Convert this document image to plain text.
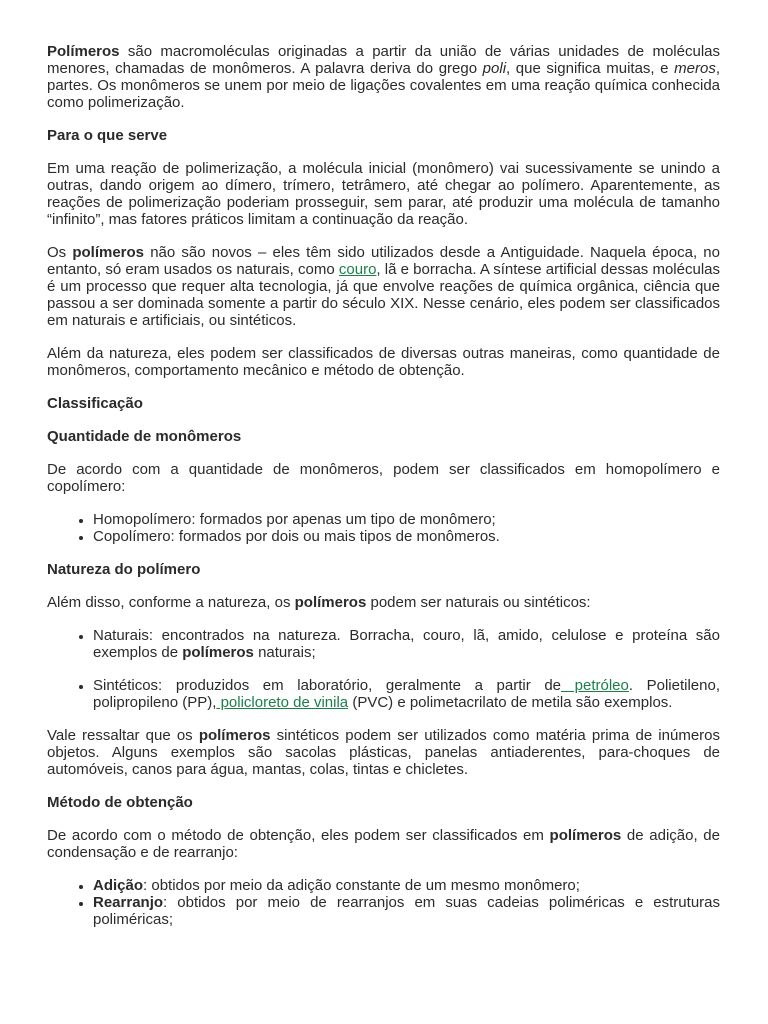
Polímeros são macromoléculas originadas a partir da união de várias unidades de moléculas menores, chamadas de monômeros. A palavra deriva do grego poli, que significa muitas, e meros, partes. Os monômeros se unem por meio de ligações covalentes em uma reação química conhecida como polimerização.

Para o que serve

Em uma reação de polimerização, a molécula inicial (monômero) vai sucessivamente se unindo a outras, dando origem ao dímero, trímero, tetrâmero, até chegar ao polímero. Aparentemente, as reações de polimerização poderiam prosseguir, sem parar, até produzir uma molécula de tamanho “infinito”, mas fatores práticos limitam a continuação da reação.

Os polímeros não são novos – eles têm sido utilizados desde a Antiguidade. Naquela época, no entanto, só eram usados os naturais, como couro, lã e borracha. A síntese artificial dessas moléculas é um processo que requer alta tecnologia, já que envolve reações de química orgânica, ciência que passou a ser dominada somente a partir do século XIX. Nesse cenário, eles podem ser classificados em naturais e artificiais, ou sintéticos.

Além da natureza, eles podem ser classificados de diversas outras maneiras, como quantidade de monômeros, comportamento mecânico e método de obtenção.

Classificação

Quantidade de monômeros

De acordo com a quantidade de monômeros, podem ser classificados em homopolímero e copolímero:

• Homopolímero: formados por apenas um tipo de monômero;
• Copolímero: formados por dois ou mais tipos de monômeros.

Natureza do polímero

Além disso, conforme a natureza, os polímeros podem ser naturais ou sintéticos:

• Naturais: encontrados na natureza. Borracha, couro, lã, amido, celulose e proteína são exemplos de polímeros naturais;
• Sintéticos: produzidos em laboratório, geralmente a partir de petróleo. Polietileno, polipropileno (PP), policloreto de vinila (PVC) e polimetacrilato de metila são exemplos.

Vale ressaltar que os polímeros sintéticos podem ser utilizados como matéria prima de inúmeros objetos. Alguns exemplos são sacolas plásticas, panelas antiaderentes, para-choques de automóveis, canos para água, mantas, colas, tintas e chicletes.

Método de obtenção

De acordo com o método de obtenção, eles podem ser classificados em polímeros de adição, de condensação e de rearranjo:

• Adição: obtidos por meio da adição constante de um mesmo monômero;
• Rearranjo: obtidos por meio de rearranjos em suas cadeias poliméricas e estruturas poliméricas;
